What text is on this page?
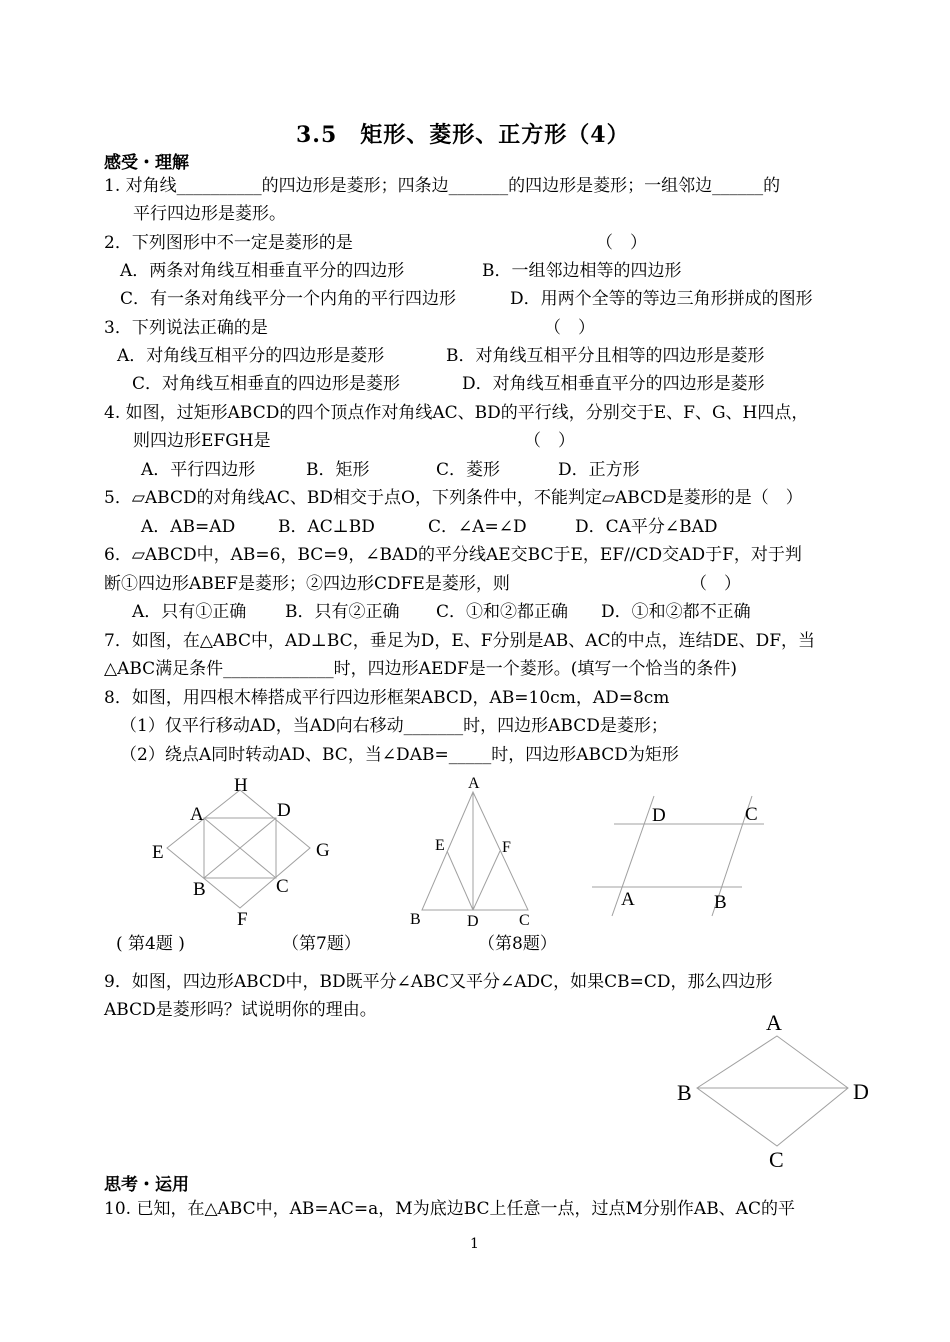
3.5　矩形、菱形、正方形（4）
感受・理解
1. 对角线__________的四边形是菱形；四条边_______的四边形是菱形；一组邻边______的
平行四边形是菱形。
2．下列图形中不一定是菱形的是	（　）
A．两条对角线互相垂直平分的四边形	B．一组邻边相等的四边形
C．有一条对角线平分一个内角的平行四边形	D．用两个全等的等边三角形拼成的图形
3．下列说法正确的是	（　）
A．对角线互相平分的四边形是菱形	B．对角线互相平分且相等的四边形是菱形
C．对角线互相垂直的四边形是菱形	D．对角线互相垂直平分的四边形是菱形
4. 如图，过矩形ABCD的四个顶点作对角线AC、BD的平行线，分别交于E、F、G、H四点，
则四边形EFGH是	（　）
A．平行四边形	B．矩形	C．菱形	D．正方形
5．▱ABCD的对角线AC、BD相交于点O，下列条件中，不能判定▱ABCD是菱形的是（　）
A．AB=AD	B．AC⊥BD	C．∠A=∠D	D．CA平分∠BAD
6．▱ABCD中，AB=6，BC=9，∠BAD的平分线AE交BC于E，EF//CD交AD于F，对于判
断①四边形ABEF是菱形；②四边形CDFE是菱形，则	（　）
A．只有①正确 B．只有②正确 C．①和②都正确 D．①和②都不正确
7．如图，在△ABC中，AD⊥BC，垂足为D，E、F分别是AB、AC的中点，连结DE、DF，当
△ABC满足条件_____________时，四边形AEDF是一个菱形。(填写一个恰当的条件)
8．如图，用四根木棒搭成平行四边形框架ABCD，AB=10cm，AD=8cm
（1）仅平行移动AD，当AD向右移动_______时，四边形ABCD是菱形；
（2）绕点A同时转动AD、BC，当∠DAB=_____时，四边形ABCD为矩形
H
A	D
E	G
B	C
F
( 第4题 )
A
E	F
B	D	C
（第7题）
D	C
A	B
（第8题）
9．如图，四边形ABCD中，BD既平分∠ABC又平分∠ADC，如果CB=CD，那么四边形
ABCD是菱形吗？试说明你的理由。	A
B	D
C
思考・运用
10. 已知，在△ABC中，AB=AC=a，M为底边BC上任意一点，过点M分别作AB、AC的平
1
